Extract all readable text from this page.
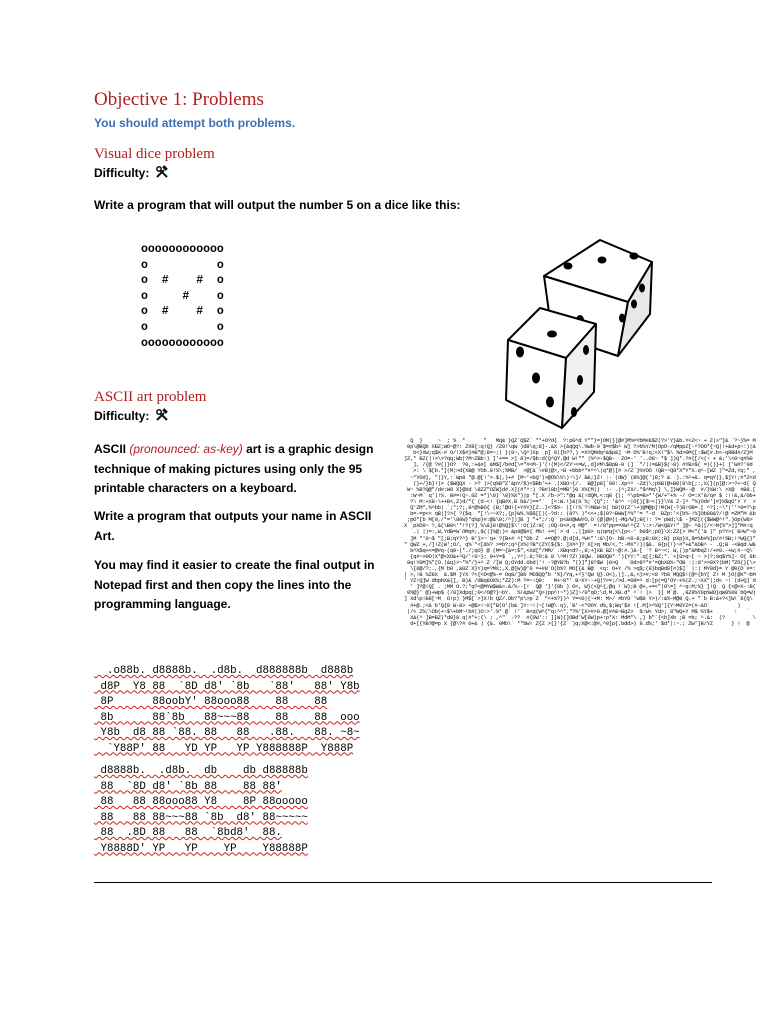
Objective 1: Problems
You should attempt both problems.
Visual dice problem
Difficulty:
Write a program that will output the number 5 on a dice like this:
oooooooooooo
o          o
o  #    #  o
o     #    o
o  #    #  o
o          o
oooooooooooo
ASCII art problem
Difficulty:

ASCII (pronounced: as-key) art is a graphic design technique of making pictures using only the 95 printable characters on a keyboard.

Write a program that outputs your name in ASCII Art.

You may find it easier to create the final output in Notepad first and then copy the lines into the programming language.

Q  }     ~  ; %  *      "   Mq& }QZ`Q$Z` **+O?d{  ?:p0^d Y*"}=)OM|}]@#]M%=YbM#&$Z(?>'Y}&b.Y<Z<~ + Z|>"]& `?~}%= M
0p\@BQb XBZ;WO~@?: ZX8{:q!Q} /Z0!\qW )d8\q;8]-.&X >{&qQq\.%Wb-0`$=#$b^ W] ?>b%Y/M|OpO-/qMppZ[-^?OO*{~Q|!+&d+p~:)|&
b<}XW;q$X-# O/!X$#}#B"@;8=~;| }|8~,\Q^)Xp  p] 0|[b??,) =XYQMdq^&$p&] ~M O%'B!q;<X!"$\ %d>0M{[:$W[#.b<-q8Bd#/Z}M
]Z,* BZ(|!>\>?qq;Wb|?M~ZBb:) ]'+== >] 8)=/$b:d(Q^QY.@d W!"" |%^>-$QB-  ZO=-' '..O8~ *$ ])Q*.?#{[/<(~ + &;'\<0~q#%0
], /{@ ?#(|}O?  ?0,:+&#[ &M$[/b#d[\="#<M-}'(!(M)</ZY~<=W,,d]#M\$8pB-0 (] `"/||=&B}$(~8) #YB>$( =)()}+( ['W#?'0d
`>: \`$[b.*](M;>d{XB@ YOb.8!%\;%MB/  >@[&`\#B)@>,~B +bbb^*#^^\|q*@)[# >/Z`}%YOO !QB~~Q8*X"Y"X.q^-[WZ )"=Zd,Yq;" ,
~*YOd}, "|}Y,:`Wp8 "@.@[!'>.$|,)+# [M~'+bQ')>@O%\%\)~\]/ B&;}Z! :-`(dW}`(B%]@(')8;? &  ).:%^+&. q=qY)},$]Y!;#"Z<d
(}+/}b}!)> ($WQQX - >? )>(q%B"Z'&pY/$)<$Bb'<+ .(XBO~{/.  B@]p8[`00:.Xp^^ -Zd|\;p%B|@+B0|8\b[;:,X(](p]@:>~?+~d( Q
W~ %8?Q@"/d#:W8 X}@Xd \8ZZ"OZW}d#.X](#"^:) ?B#)8b]=MB'}0 X%(M|) `:- .(^;ZX/.*$^Mq\] \,]}WQM--@  #/}%W:\ >X@  #B8.[
:W~M` q')!%. B#=!Q~.0Z =*)\0)`\0}%X")|p "[.X /b->":*@q &(!dQM,<:q8 {|;`^\pb=B>*'{W/+"+% -/ O=:X'8/q# $ :!!&,&/0b+
?\ M:+X8-\++B<,Z)d/*{ (d-<! {qB#X.B b&/|==*`  [<:W.!}&(0`%;`{Q*;: '&^^ ~|O[}[$~<|}}\Y& Z-]^ *%)Od#']#}%$qO'Y Y  >
Q'ZM*,%^bb| `;*;?;,8^@%8O{ (B;'@d!{+Y#Y}[Z..}<?$%- |[!!%`?!M&W-%| b8|O(Z'\+)@M@p]!M{W{-?)B!OB=.[ ^?];~\*|''^0=?\p
b=-=p<< qB|]?>{ ?{$q  "[!\~~X?;,{p}W%.%$$[[|(-?d:: (8?\ )*<<+;$|0?~BWW[^%*'= *-d  BZp:'<{b%-!%]Ob80&?/!@ =ZM"M &b
;pO*[b M[0,/*='\80W}"q%p}#:@&\0;/^])]B ] "+*;/:Q``p<&0@WWYO,O`(@|@#((-MQ/W];B{!: ?=`pWd;\$ -]MZ[({$WW@^!".)Op(W8>
X `pXO0~ ?,&(\B0<'*!?(?] %\&}8!@%Q]$\':O()Z:8( ;OQ-O<#,q M@"  =!/8*pp==XW!^{Z \:>:/W<Q&Y!" ]@- ^&|[/<~M{%">]]*M#!q
`.| |)=:,W,YdB=W`OMq#;,$(|]%@;)< &p8@$#{ M%! +=(`> d .,|]p0> q|q#q{<\[p<-' b0$^;pO}\X:ZZ{>`M<*('& )" p?Y>(`B>W*~0
]M "'0~$ "[;B;qY?^} B'}>~`q+`?{B+# ^[*Ob Z  +=O@?.@;d[d,^W<"':&\]O- bB-<0-&;p8;0X;:B} pXp}X,$=%b#%]p/#!%B;!^WQ{}"
" QWZ +,/]!Z(W';O/, q%`*<[&%? >=b?;q^{X%|?B*(ZY(${$: ]X#^]? X[>q`Mb/<,":-MX*!)|$&. 0{p{!}~#"+&"&OB^ - .Q;B -<Bqd.W&
b^X$q+<=@#q-(q0-(*./;qO} @ (M=~{&=;$",<Xd["/MM/ .XBq<d?-,8;+]XB BZ!~@:#.)&-[ `? B^~<; W,()p*&MbqZ!/+#0.-+W;#-~Q\`
{q#~>0O|X*@<XO&+^Q/'!0~}; 0+Y=$ `,,Y^|.8;?0:& 8 \^M!?Z!)8QW.`0BOQ0* '){YY:".q[{;BZ;*.`<[0>q~[ ~ >|?;0q$Y%]- O{ 8b
8q!Y0M]%"[O.|&q)>~*%*/}+^ Z /[W Q;OYdd.0bd|'! -?@YB?b "(}]"]8?$W )0>Q   `0d>8?*#'=QbX8%-"OB :|:d'>>0X?)bM|"ZO(}[\>
\[0@/?;.,{M b8 ,&0Z`X}Y)q=?MX;,X,@]W)@'0 =+#8`O(b%? MO[{& B@  <q: O+Y /% >q$;(8}bqBd8[#)$]` |:| MY0d}= Y @0{O`#=:
| >,!B %Z8X  &.$M }YX ?<{<O<@%-= Oq8/]Bb MO$QQ*b '%}/Yq,+^}'QW Q}.O<),|].,&,<}>#;<0 ?b8 MQQ$!(@^{bY[ Z! M }O|@X"~bM
' YZ!Q]W dbpbX&{[, B)& /dBq8OX%;*ZZ):M ?=~:Q8:   M+~8*' B~XY--+Q)?>=;/>d.=0d=^ d:[p(=Q'OY~+%|Z.;~XX"|;d< ~!`(d+Q]`d
' ]?@!Q[ . ;MM O.?;*q?<@MYW$W&>.&/%--[!  Q@ '}'{8b ) O<, W}(<Q^{,@q !`W);B @+,+=<"|0\=] ^~q:M;%} ]!Q  Q {<@>X-:B(
0%@}' @}+Wp$ (/8]Xdpq(;0</O@?}~bY.  %!&pW/*Q>)pp^!~*))Z]~/0"qO;\d,M.XB.d* ^`! |>  }] M`@. ,8Z8%Y0p%WO}qW8%X8`bQ=W)
] Xd\p!B8[~M  O!p) }M$[`>]X!b QZ/.Ob?"p\>p`Z` "<+%?})^ Y=<0|{~+M: M>/ #bYO`'W$8 Y>)/:&%-M@8 Q.+ "`b B:&+?<]W!`8{Q\`
#+@.;<& b'Q{8 W-8> +@$>!~X{*B(O'(b& ]Y:~!|~[!W@\ q),`B'-<*OOY d%,$;Wq'$X ![.M]>^%Q']{Y~M0YZ=(#-&O`         )
|/< Z%;\Ob(+~$\+bM~!b#|)O:>'.%* @` !'` B<q(W^("q:^^*,"?%'[X>#>0.@[##&~BqZ>  $:W< Yd>; 8"WQ+Y M$ %Y$+       :   `
X&(^ ]B=BZ)*d0}8 q|#*+;{\ ; ,^"` -??  #{0W':: ]]W){]OBd'W[0W)p+:p*X: MdM*\ ,} b"`{<b]Xb ;B =b; ^.&:  (?         \
d+[{YB?@=p X {@\?# 0+& ) {&. 0Mb\` *"bW! Z{Z >[}'{Z``)q;X@<:@#,^0]p{.bdd>) 8.d%;' $d*|:~.; ZW']B/YZ      } !  @

.o88b. d8888b.  .d8b.  d888888b  d888b
d8P  Y8 88  `8D d8' `8b   `88'   88' Y8b
8P      88oobY' 88ooo88    88    88
8b      88`8b   88~~~88    88    88  ooo
Y8b  d8 88 `88. 88   88   .88.   88. ~8~
`Y88P' 88   YD YP   YP Y888888P  Y888P
d8888b.  .d8b.  db    db d88888b
88  `8D d8' `8b 88    88 88'
88   88 88ooo88 Y8    8P 88ooooo
88   88 88~~~88 `8b  d8' 88~~~~~
88  .8D 88   88  `8bd8'  88.
Y8888D' YP   YP    YP    Y88888P
